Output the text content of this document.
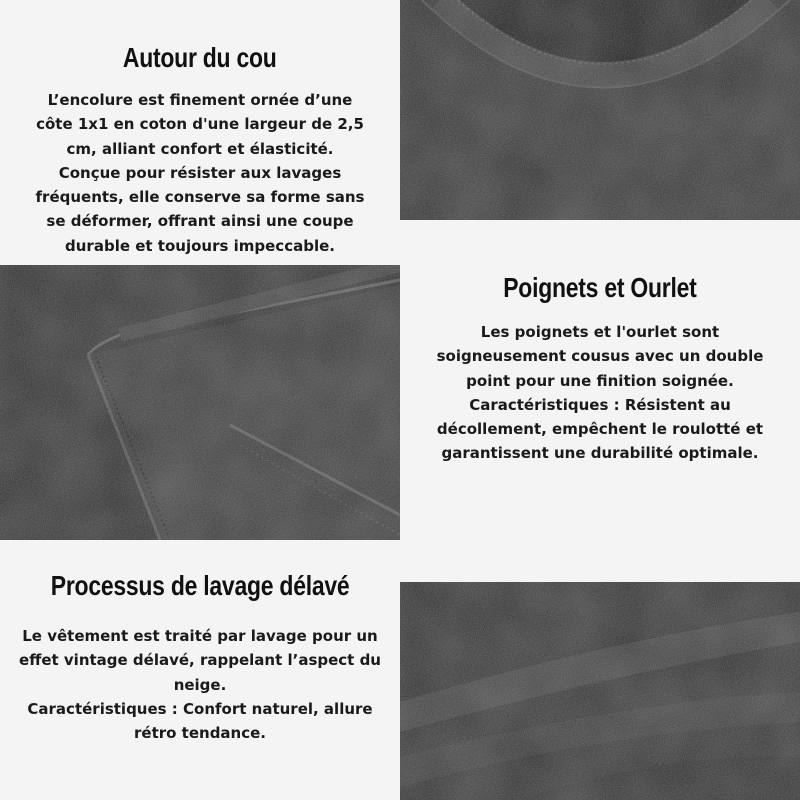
Autour du cou

L’encolure est finement ornée d’une

côte 1x1 en coton d'une largeur de 2,5

cm, alliant confort et élasticité.

Conçue pour résister aux lavages

fréquents, elle conserve sa forme sans

se déformer, offrant ainsi une coupe

durable et toujours impeccable.

Poignets et Ourlet

Les poignets et l'ourlet sont

soigneusement cousus avec un double

point pour une finition soignée.

Caractéristiques : Résistent au

décollement, empêchent le roulotté et

garantissent une durabilité optimale.

Processus de lavage délavé

Le vêtement est traité par lavage pour un

effet vintage délavé, rappelant l’aspect du

neige.

Caractéristiques : Confort naturel, allure

rétro tendance.
